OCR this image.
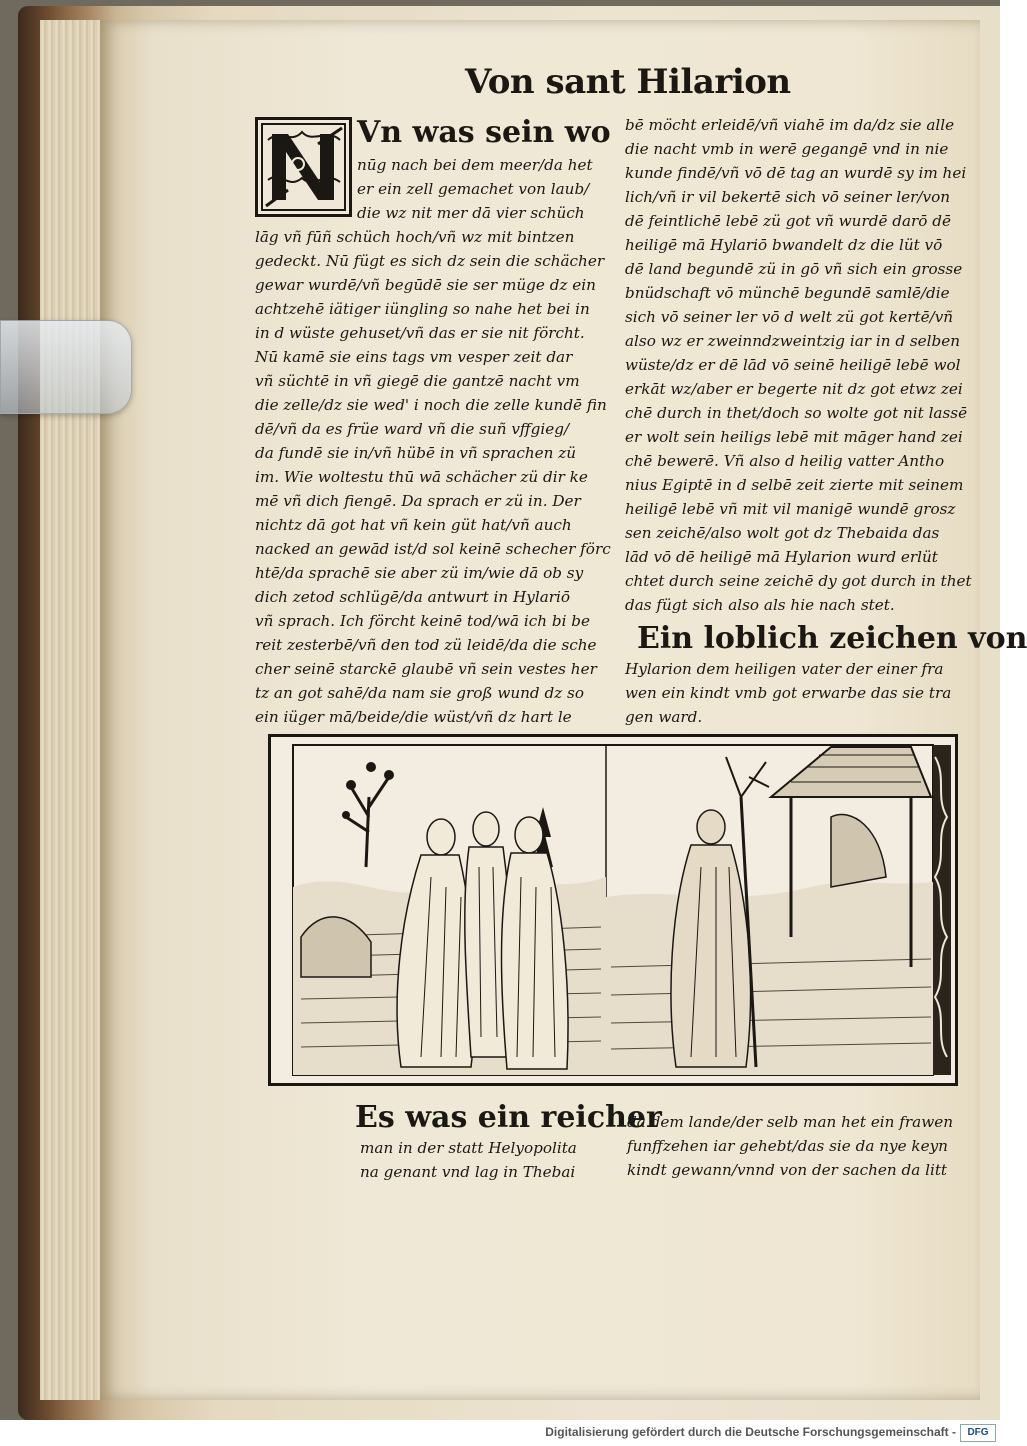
Von sant Hilarion
Vn was sein wo
nūg nach bei dem meer/da het
er ein zell gemachet von laub/
die wz nit mer dā vier schüch
lāg vñ fūñ schüch hoch/vñ wz mit bintzen
gedeckt. Nū fügt es sich dz sein die schächer
gewar wurdē/vñ begūdē sie ser müge dz ein
achtzehē iätiger iüngling so nahe het bei in
in d wüste gehuset/vñ das er sie nit förcht.
Nū kamē sie eins tags vm vesper zeit dar
vñ süchtē in vñ giegē die gantzē nacht vm
die zelle/dz sie wed' i noch die zelle kundē fin
dē/vñ da es früe ward vñ die suñ vffgieg/
da fundē sie in/vñ hübē in vñ sprachen zü
im. Wie woltestu thū wā schächer zü dir ke
mē vñ dich fiengē. Da sprach er zü in. Der
nichtz dā got hat vñ kein güt hat/vñ auch
nacked an gewād ist/d sol keinē schecher förc
htē/da sprachē sie aber zü im/wie dā ob sy
dich zetod schlügē/da antwurt in Hylariō
vñ sprach. Ich förcht keinē tod/wā ich bi be
reit zesterbē/vñ den tod zü leidē/da die sche
cher seinē starckē glaubē vñ sein vestes her
tz an got sahē/da nam sie groß wund dz so
ein iüger mā/beide/die wüst/vñ dz hart le
bē möcht erleidē/vñ viahē im da/dz sie alle
die nacht vmb in werē gegangē vnd in nie
kunde findē/vñ vō dē tag an wurdē sy im hei
lich/vñ ir vil bekertē sich vō seiner ler/von
dē feintlichē lebē zü got vñ wurdē darō dē
heiligē mā Hylariō bwandelt dz die lüt vō
dē land begundē zü in gō vñ sich ein grosse
bnüdschaft vō münchē begundē samlē/die
sich vō seiner ler vō d welt zü got kertē/vñ
also wz er zweinndzweintzig iar in d selben
wüste/dz er dē lād vō seinē heiligē lebē wol
erkāt wz/aber er begerte nit dz got etwz zei
chē durch in thet/doch so wolte got nit lassē
er wolt sein heiligs lebē mit māger hand zei
chē bewerē. Vñ also d heilig vatter Antho
nius Egiptē in d selbē zeit zierte mit seinem
heiligē lebē vñ mit vil manigē wundē grosz
sen zeichē/also wolt got dz Thebaida das
lād vō dē heiligē mā Hylarion wurd erlüt
chtet durch seine zeichē dy got durch in thet
das fügt sich also als hie nach stet.
Ein loblich zeichen von
Hylarion dem heiligen vater der einer fra
wen ein kindt vmb got erwarbe das sie tra
gen ward.
Es was ein reicher
man in der statt Helyopolita
na genant vnd lag in Thebai
da dem lande/der selb man het ein frawen
funffzehen iar gehebt/das sie da nye keyn
kindt gewann/vnnd von der sachen da litt
Digitalisierung gefördert durch die Deutsche Forschungsgemeinschaft -	DFG
